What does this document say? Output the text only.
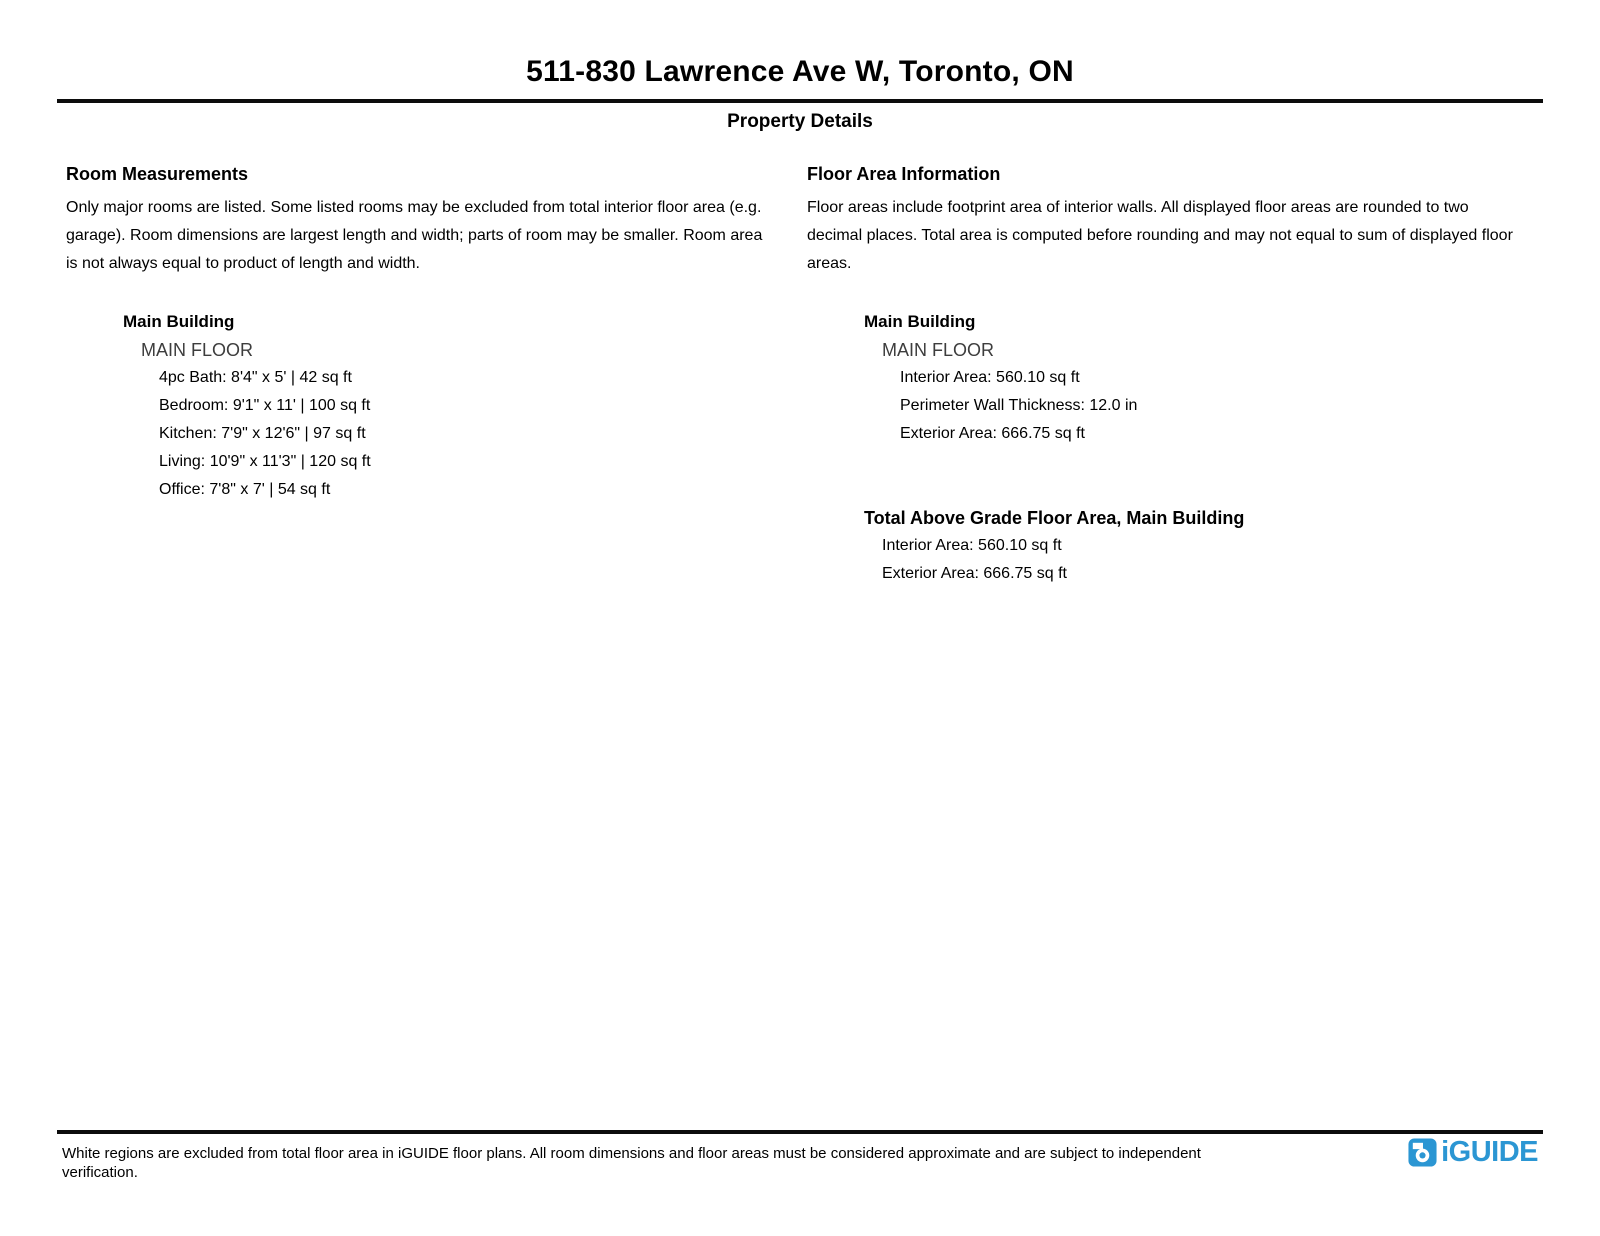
511-830 Lawrence Ave W, Toronto, ON
Property Details
Room Measurements
Only major rooms are listed. Some listed rooms may be excluded from total interior floor area (e.g. garage). Room dimensions are largest length and width; parts of room may be smaller. Room area is not always equal to product of length and width.
Main Building
MAIN FLOOR
4pc Bath: 8'4" x 5' | 42 sq ft
Bedroom: 9'1" x 11' | 100 sq ft
Kitchen: 7'9" x 12'6" | 97 sq ft
Living: 10'9" x 11'3" | 120 sq ft
Office: 7'8" x 7' | 54 sq ft
Floor Area Information
Floor areas include footprint area of interior walls. All displayed floor areas are rounded to two decimal places. Total area is computed before rounding and may not equal to sum of displayed floor areas.
Main Building
MAIN FLOOR
Interior Area: 560.10 sq ft
Perimeter Wall Thickness: 12.0 in
Exterior Area: 666.75 sq ft
Total Above Grade Floor Area, Main Building
Interior Area: 560.10 sq ft
Exterior Area: 666.75 sq ft
White regions are excluded from total floor area in iGUIDE floor plans. All room dimensions and floor areas must be considered approximate and are subject to independent verification.
iGUIDE
